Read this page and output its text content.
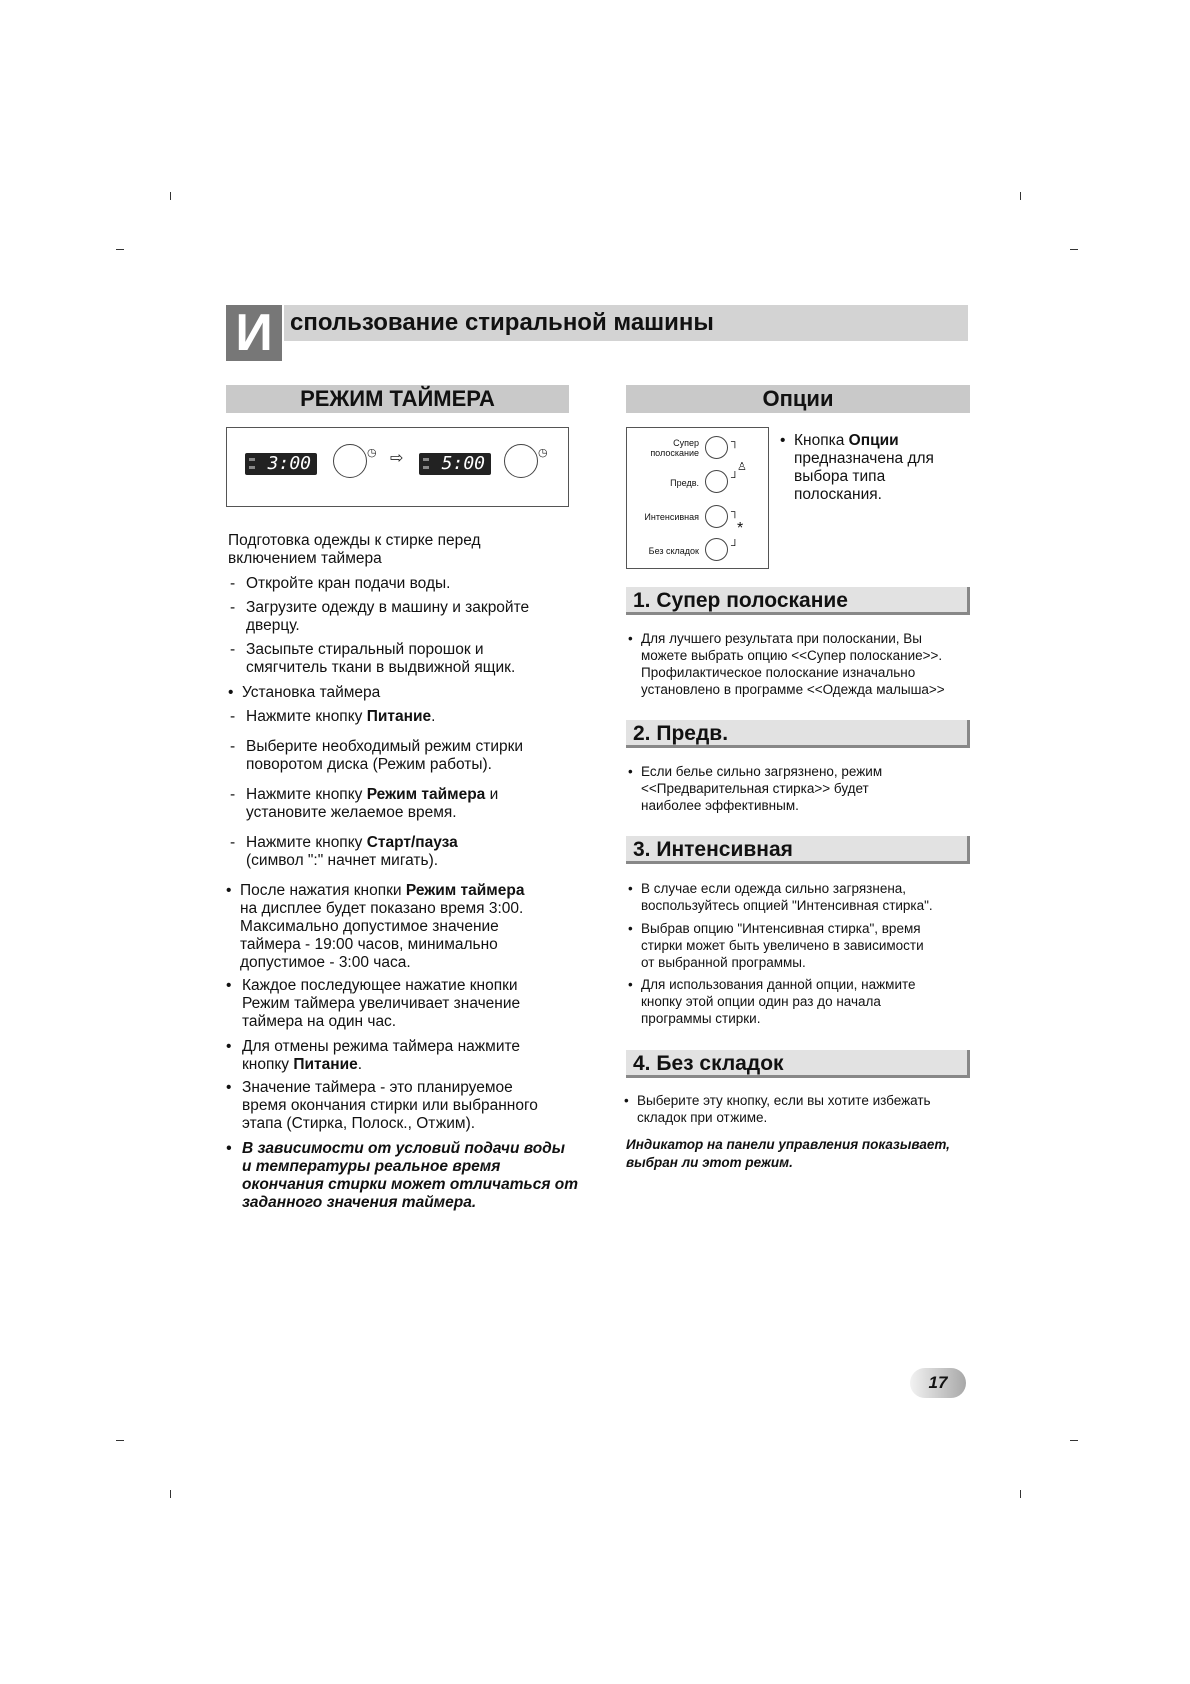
И спользование стиральной машины
РЕЖИМ ТАЙМЕРА
3:00	◷ ⇨ 5:00	◷
Подготовка одежды к стирке перед включением таймера
- Откройте кран подачи воды.
- Загрузите одежду в машину и закройте дверцу.
- Засыпьте стиральный порошок и смягчитель ткани в выдвижной ящик.
• Установка таймера
- Нажмите кнопку Питание.
- Выберите необходимый режим стирки поворотом диска (Режим работы).
- Нажмите кнопку Режим таймера и
установите желаемое время.
- Нажмите кнопку Старт/пауза
(символ ":" начнет мигать).
• После нажатия кнопки Режим таймера
на дисплее будет показано время 3:00.
Максимально допустимое значение
таймера - 19:00 часов, минимально
допустимое - 3:00 часа.
• Каждое последующее нажатие кнопки
Режим таймера увеличивает значение
таймера на один час.
• Для отмены режима таймера нажмите
кнопку Питание.
• Значение таймера - это планируемое
время окончания стирки или выбранного
этапа (Стирка, Полоск., Отжим).
• В зависимости от условий подачи воды
и температуры реальное время
окончания стирки может отличаться от
заданного значения таймера.
Опции
Супер полоскание
┐
♙
Предв.	┘
Интенсивная	┐
*
Без складок	┘
• Кнопка Опции
предназначена для
выбора типа
полоскания.
1. Супер полоскание
• Для лучшего результата при полоскании, Вы
можете выбрать опцию <<Супер полоскание>>.
Профилактическое полоскание изначально
установлено в программе <<Одежда малыша>>
2. Предв.
• Если белье сильно загрязнено, режим
<<Предварительная стирка>> будет
наиболее эффективным.
3. Интенсивная
• В случае если одежда сильно загрязнена,
воспользуйтесь опцией "Интенсивная стирка".
• Выбрав опцию "Интенсивная стирка", время
стирки может быть увеличено в зависимости
от выбранной программы.
• Для использования данной опции, нажмите
кнопку этой опции один раз до начала
программы стирки.
4. Без складок
• Выберите эту кнопку, если вы хотите избежать
складок при отжиме.
Индикатор на панели управления показывает,
выбран ли этот режим.
17
